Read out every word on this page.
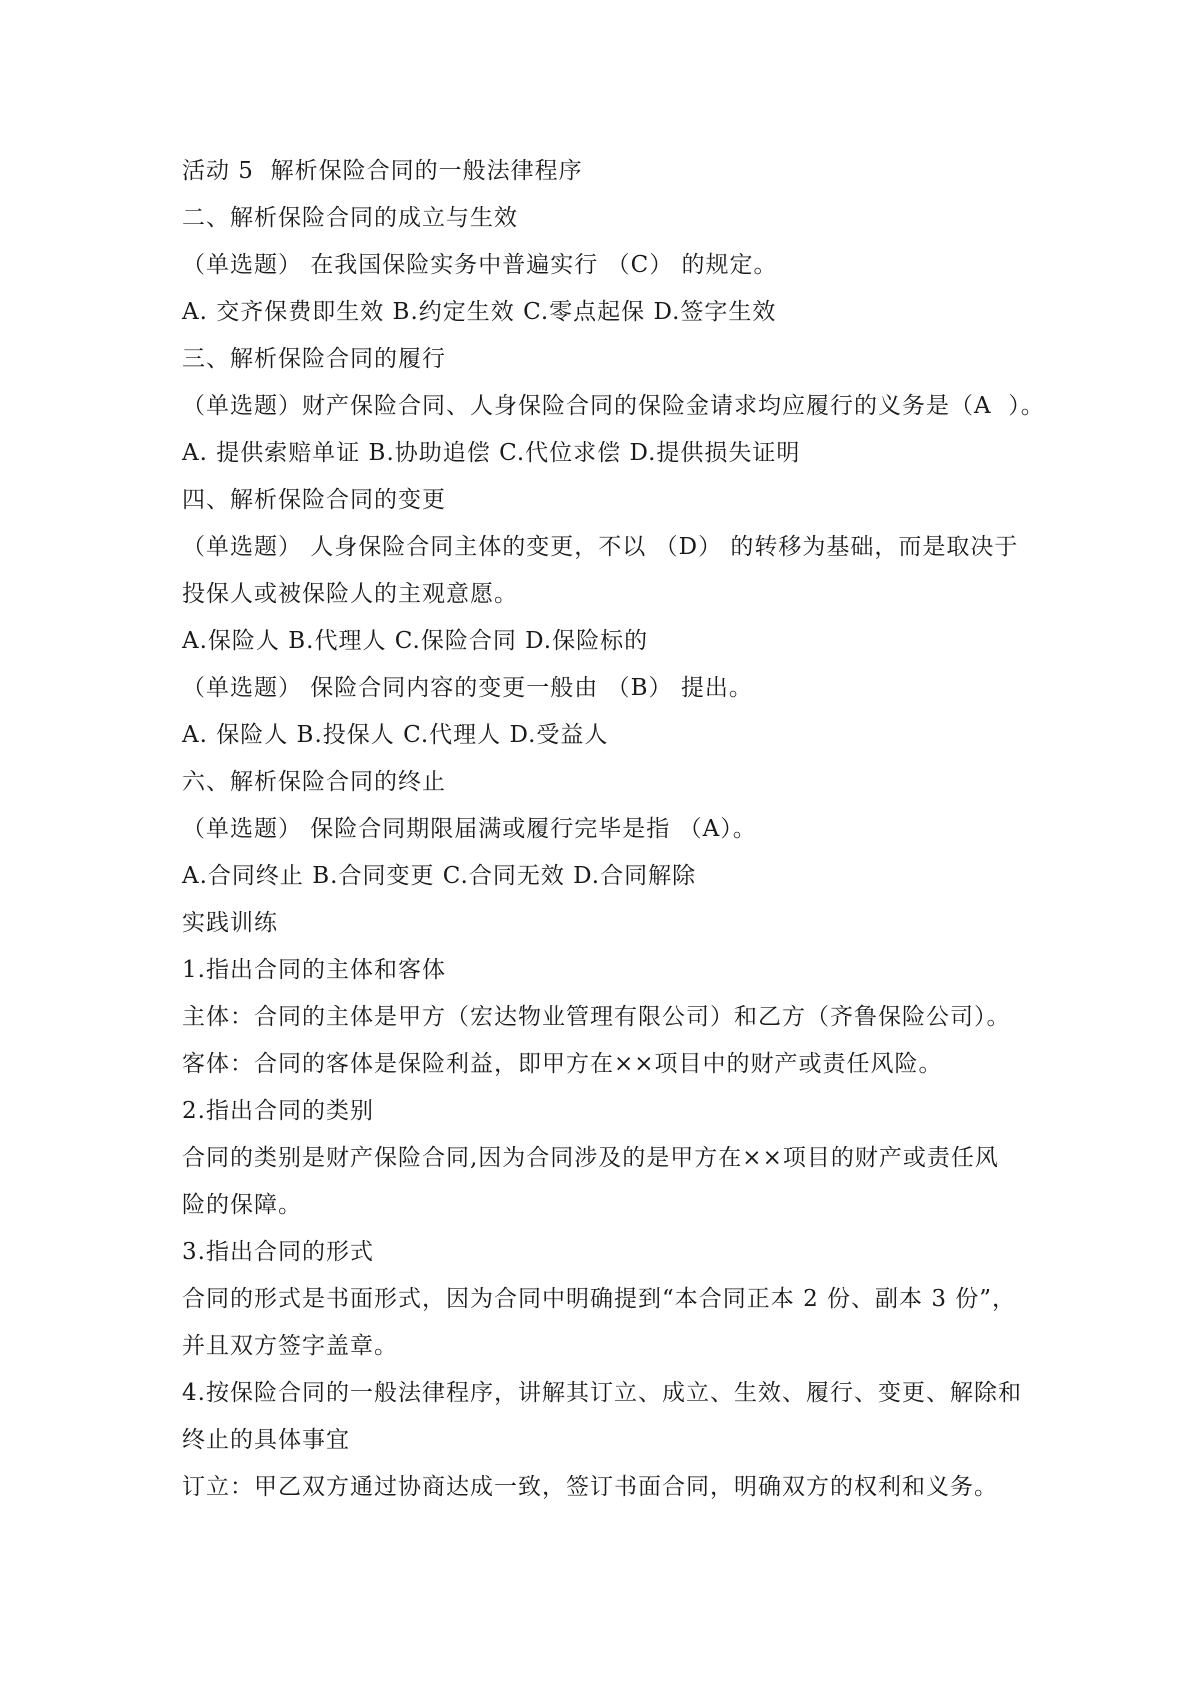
活动 5  解析保险合同的一般法律程序
二、解析保险合同的成立与生效
（单选题） 在我国保险实务中普遍实行 （C） 的规定。
A. 交齐保费即生效 B.约定生效 C.零点起保 D.签字生效
三、解析保险合同的履行
（单选题）财产保险合同、人身保险合同的保险金请求均应履行的义务是（A  ）。
A. 提供索赔单证 B.协助追偿 C.代位求偿 D.提供损失证明
四、解析保险合同的变更
（单选题） 人身保险合同主体的变更，不以 （D） 的转移为基础，而是取决于
投保人或被保险人的主观意愿。
A.保险人 B.代理人 C.保险合同 D.保险标的
（单选题） 保险合同内容的变更一般由 （B） 提出。
A. 保险人 B.投保人 C.代理人 D.受益人
六、解析保险合同的终止
（单选题） 保险合同期限届满或履行完毕是指 （A）。
A.合同终止 B.合同变更 C.合同无效 D.合同解除
实践训练
1.指出合同的主体和客体
主体：合同的主体是甲方（宏达物业管理有限公司）和乙方（齐鲁保险公司）。
客体：合同的客体是保险利益，即甲方在××项目中的财产或责任风险。
2.指出合同的类别
合同的类别是财产保险合同,因为合同涉及的是甲方在××项目的财产或责任风
险的保障。
3.指出合同的形式
合同的形式是书面形式，因为合同中明确提到“本合同正本 2 份、副本 3 份”，
并且双方签字盖章。
4.按保险合同的一般法律程序，讲解其订立、成立、生效、履行、变更、解除和
终止的具体事宜
订立：甲乙双方通过协商达成一致，签订书面合同，明确双方的权利和义务。
